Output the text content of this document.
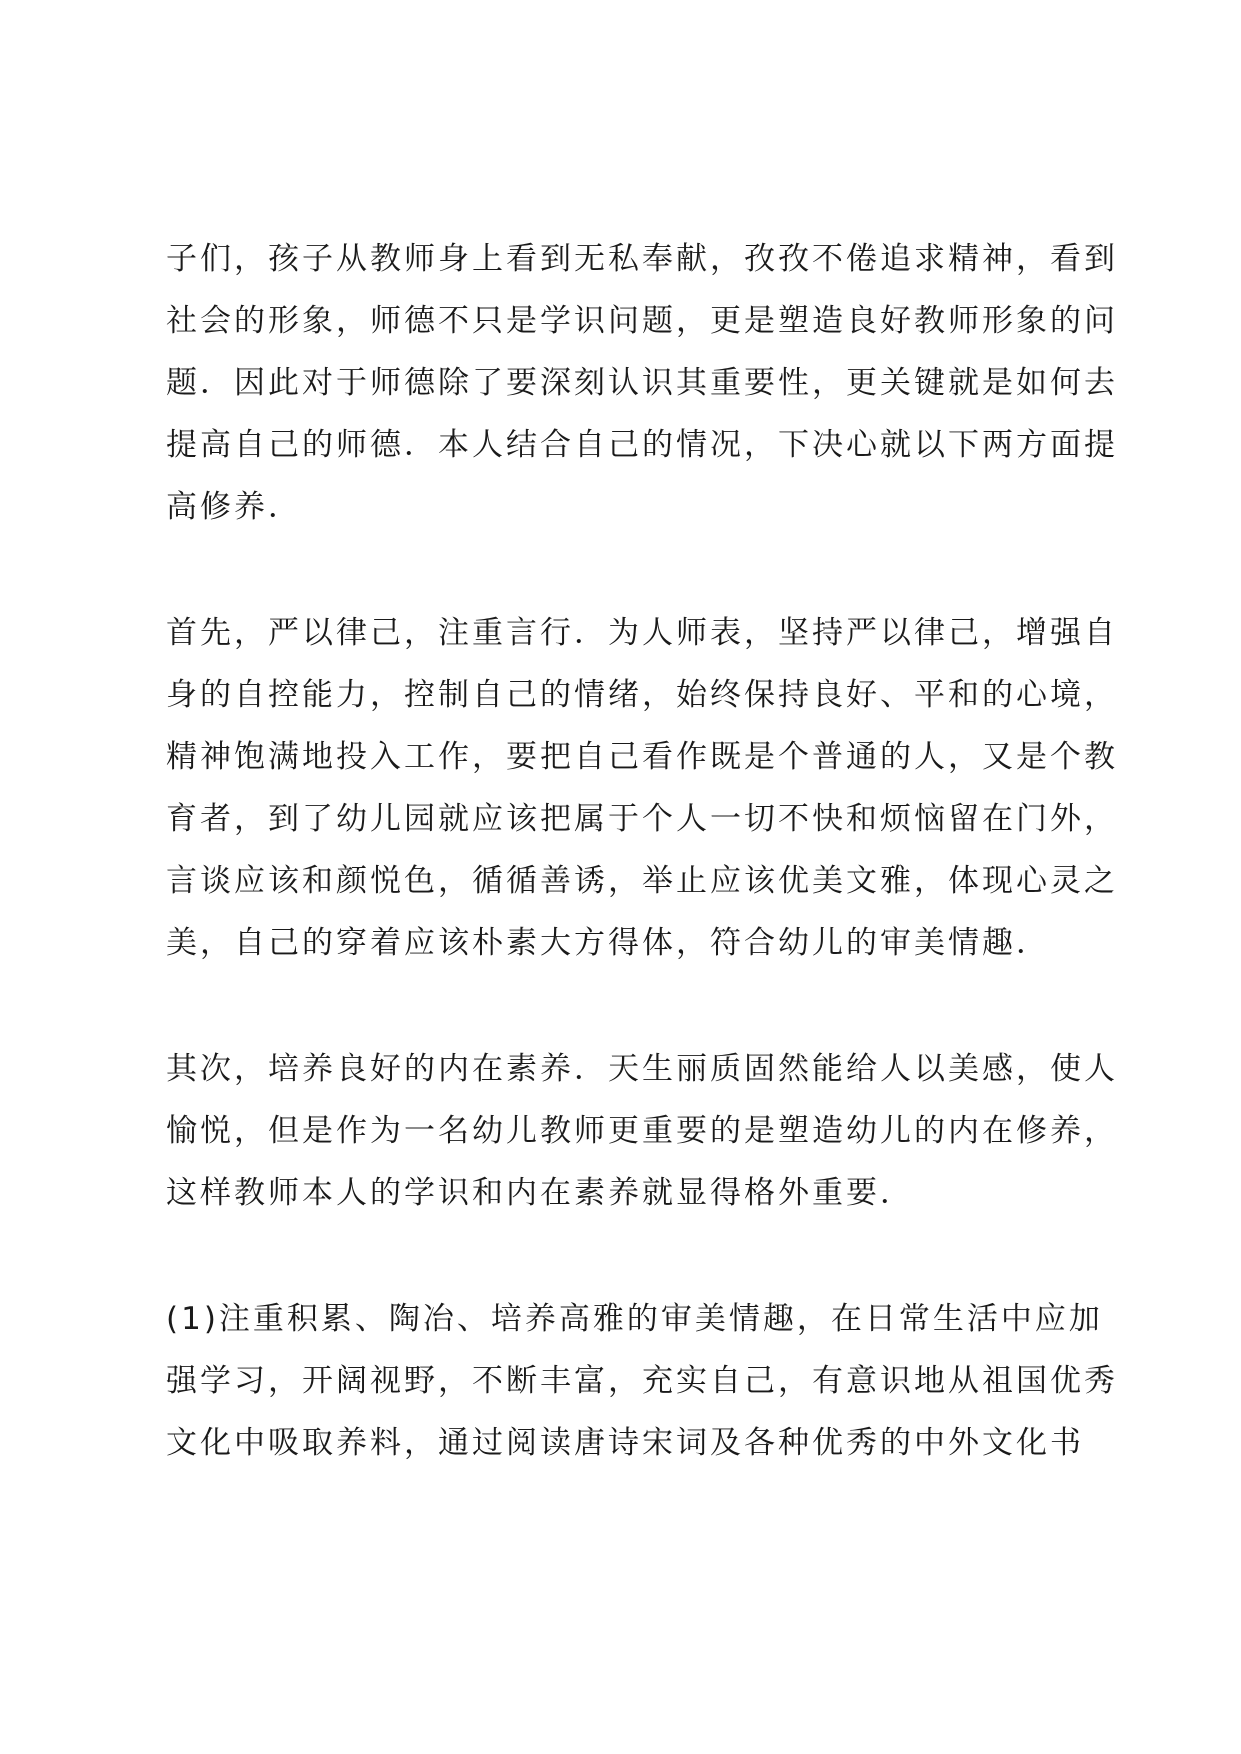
子们，孩子从教师身上看到无私奉献，孜孜不倦追求精神，看到
社会的形象，师德不只是学识问题，更是塑造良好教师形象的问
题．因此对于师德除了要深刻认识其重要性，更关键就是如何去
提高自己的师德．本人结合自己的情况，下决心就以下两方面提
高修养．

首先，严以律己，注重言行．为人师表，坚持严以律己，增强自
身的自控能力，控制自己的情绪，始终保持良好、平和的心境，
精神饱满地投入工作，要把自己看作既是个普通的人，又是个教
育者，到了幼儿园就应该把属于个人一切不快和烦恼留在门外，
言谈应该和颜悦色，循循善诱，举止应该优美文雅，体现心灵之
美，自己的穿着应该朴素大方得体，符合幼儿的审美情趣．

其次，培养良好的内在素养．天生丽质固然能给人以美感，使人
愉悦，但是作为一名幼儿教师更重要的是塑造幼儿的内在修养，
这样教师本人的学识和内在素养就显得格外重要．

(1)注重积累、陶冶、培养高雅的审美情趣，在日常生活中应加
强学习，开阔视野，不断丰富，充实自己，有意识地从祖国优秀
文化中吸取养料，通过阅读唐诗宋词及各种优秀的中外文化书
